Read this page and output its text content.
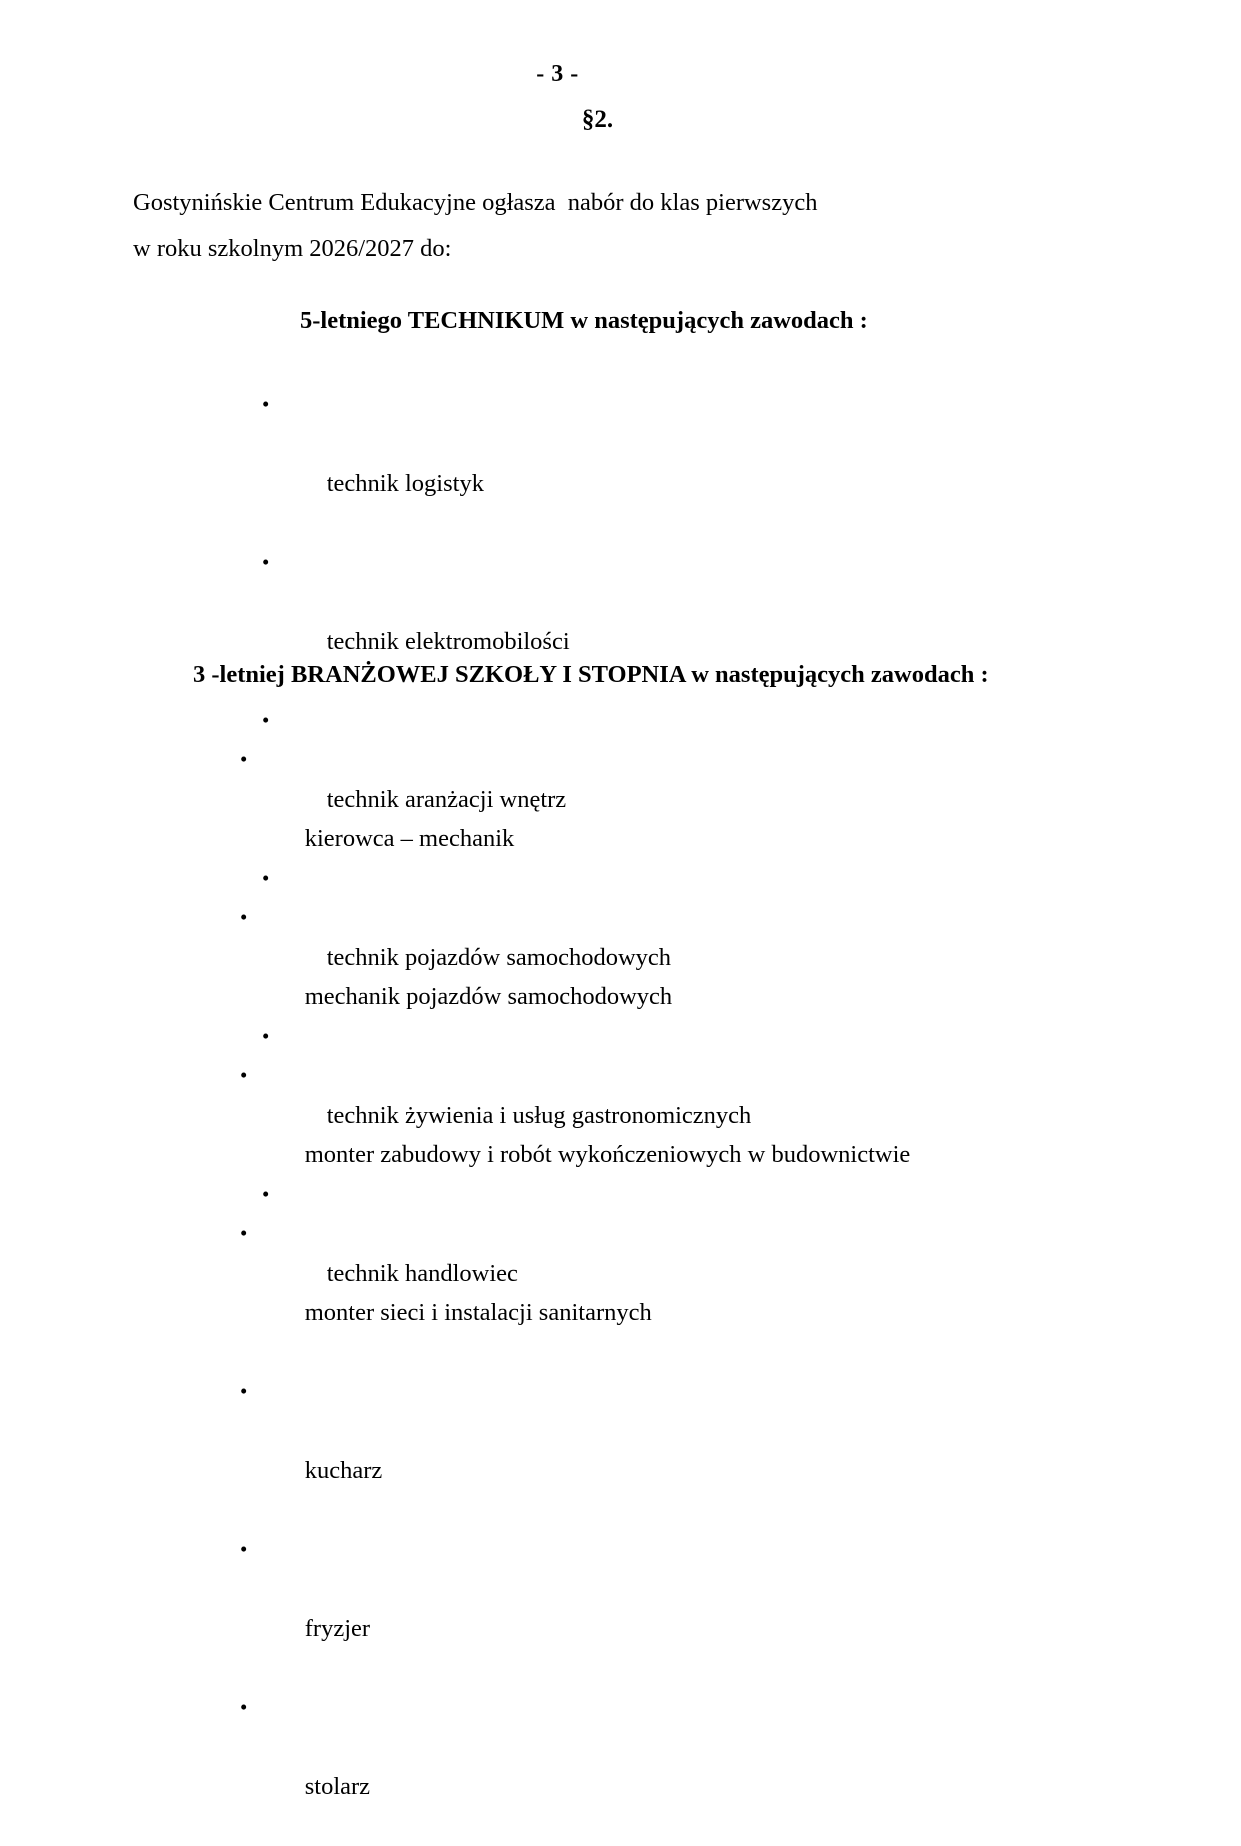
- 3 -
§2.
Gostynińskie Centrum Edukacyjne ogłasza  nabór do klas pierwszych
w roku szkolnym 2026/2027 do:
5-letniego TECHNIKUM w następujących zawodach :

•

technik logistyk

•

technik elektromobilości

•

technik aranżacji wnętrz

•

technik pojazdów samochodowych

•

technik żywienia i usług gastronomicznych

•

technik handlowiec

3 -letniej BRANŻOWEJ SZKOŁY I STOPNIA w następujących zawodach :

•

kierowca – mechanik

•

mechanik pojazdów samochodowych

•

monter zabudowy i robót wykończeniowych w budownictwie

•

monter sieci i instalacji sanitarnych

•

kucharz

•

fryzjer

•

stolarz
